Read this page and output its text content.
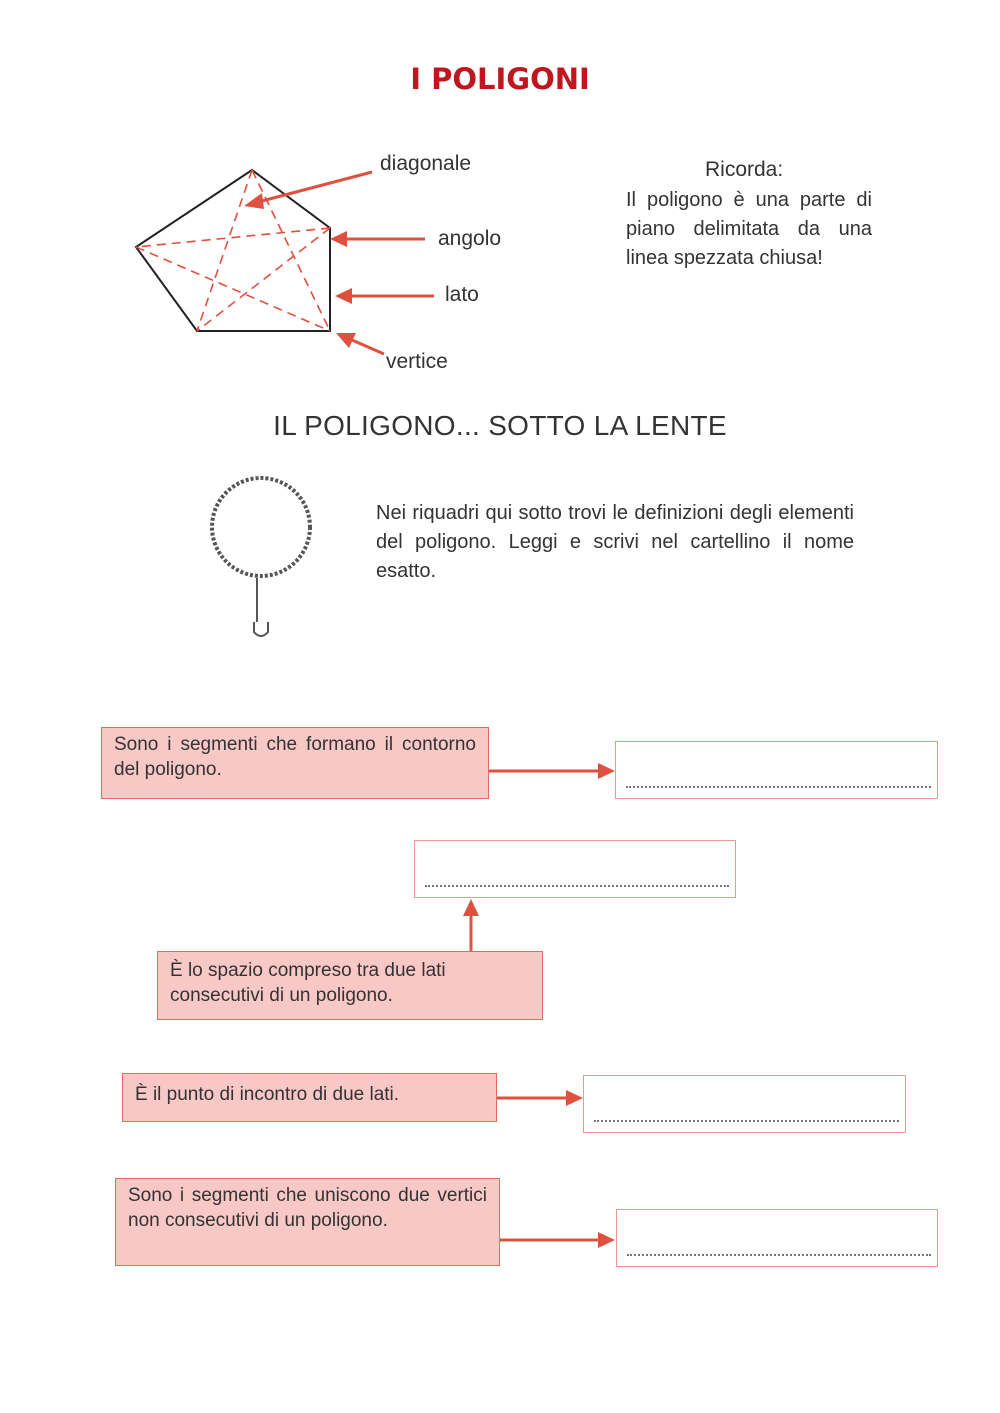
I POLIGONI
diagonale
angolo
lato
vertice
Ricorda:
Il poligono è una parte di piano delimitata da una linea spezzata chiusa!
IL POLIGONO... SOTTO LA LENTE
Nei riquadri qui sotto trovi le definizioni degli elementi del poligono. Leggi e scrivi nel cartellino il nome esatto.
Sono i segmenti che formano il contorno del poligono.
È lo spazio compreso tra due lati consecutivi di un poligono.
È il punto di incontro di due lati.
Sono i segmenti che uniscono due vertici non consecutivi di un poligono.
